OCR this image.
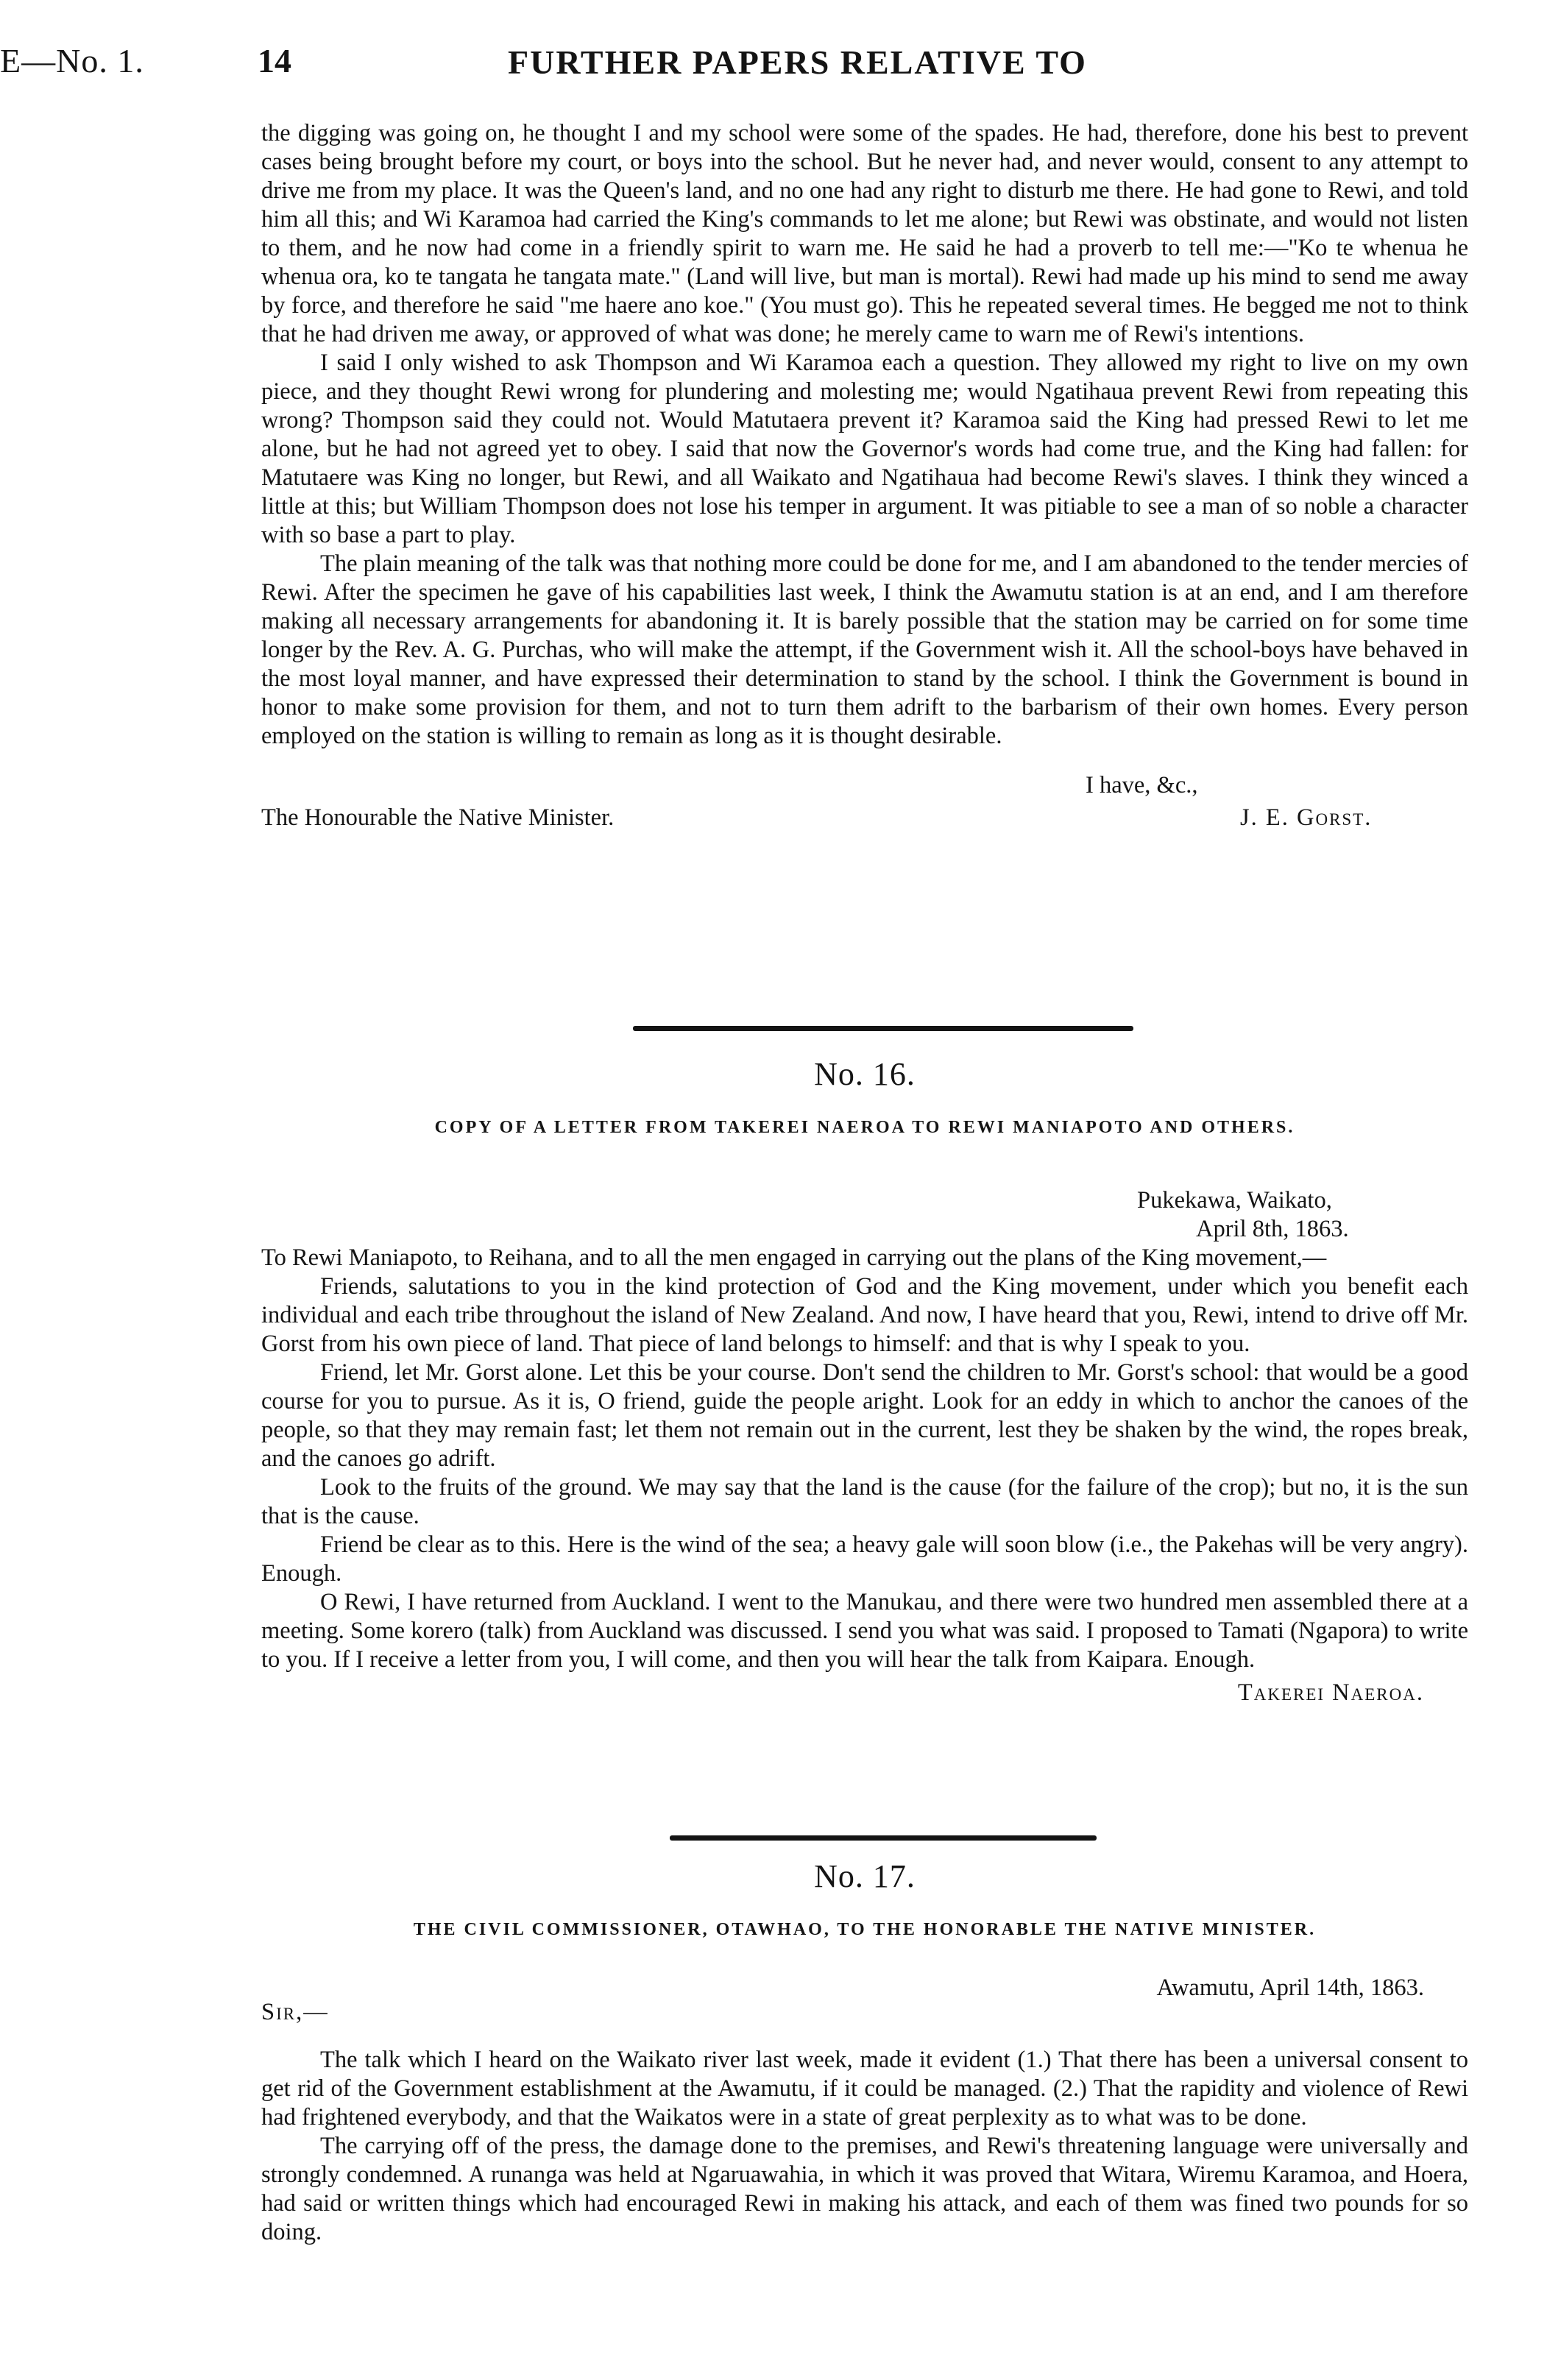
E—No. 1.	14	FURTHER PAPERS RELATIVE TO

the digging was going on, he thought I and my school were some of the spades. He had, therefore, done his best to prevent cases being brought before my court, or boys into the school. But he never had, and never would, consent to any attempt to drive me from my place. It was the Queen's land, and no one had any right to disturb me there. He had gone to Rewi, and told him all this; and Wi Karamoa had carried the King's commands to let me alone; but Rewi was obstinate, and would not listen to them, and he now had come in a friendly spirit to warn me. He said he had a proverb to tell me:—"Ko te whenua he whenua ora, ko te tangata he tangata mate." (Land will live, but man is mortal). Rewi had made up his mind to send me away by force, and therefore he said "me haere ano koe." (You must go). This he repeated several times. He begged me not to think that he had driven me away, or approved of what was done; he merely came to warn me of Rewi's intentions.

I said I only wished to ask Thompson and Wi Karamoa each a question. They allowed my right to live on my own piece, and they thought Rewi wrong for plundering and molesting me; would Ngatihaua prevent Rewi from repeating this wrong? Thompson said they could not. Would Matutaera prevent it? Karamoa said the King had pressed Rewi to let me alone, but he had not agreed yet to obey. I said that now the Governor's words had come true, and the King had fallen: for Matutaere was King no longer, but Rewi, and all Waikato and Ngatihaua had become Rewi's slaves. I think they winced a little at this; but William Thompson does not lose his temper in argument. It was pitiable to see a man of so noble a character with so base a part to play.

The plain meaning of the talk was that nothing more could be done for me, and I am abandoned to the tender mercies of Rewi. After the specimen he gave of his capabilities last week, I think the Awamutu station is at an end, and I am therefore making all necessary arrangements for abandoning it. It is barely possible that the station may be carried on for some time longer by the Rev. A. G. Purchas, who will make the attempt, if the Government wish it. All the school-boys have behaved in the most loyal manner, and have expressed their determination to stand by the school. I think the Government is bound in honor to make some provision for them, and not to turn them adrift to the barbarism of their own homes. Every person employed on the station is willing to remain as long as it is thought desirable.

I have, &c.,
The Honourable the Native Minister.	J. E. Gorst.
No. 16.
COPY OF A LETTER FROM TAKEREI NAEROA TO REWI MANIAPOTO AND OTHERS.
Pukekawa, Waikato,
April 8th, 1863.

To Rewi Maniapoto, to Reihana, and to all the men engaged in carrying out the plans of the King movement,—

Friends, salutations to you in the kind protection of God and the King movement, under which you benefit each individual and each tribe throughout the island of New Zealand. And now, I have heard that you, Rewi, intend to drive off Mr. Gorst from his own piece of land. That piece of land belongs to himself: and that is why I speak to you.

Friend, let Mr. Gorst alone. Let this be your course. Don't send the children to Mr. Gorst's school: that would be a good course for you to pursue. As it is, O friend, guide the people aright. Look for an eddy in which to anchor the canoes of the people, so that they may remain fast; let them not remain out in the current, lest they be shaken by the wind, the ropes break, and the canoes go adrift.

Look to the fruits of the ground. We may say that the land is the cause (for the failure of the crop); but no, it is the sun that is the cause.

Friend be clear as to this. Here is the wind of the sea; a heavy gale will soon blow (i.e., the Pakehas will be very angry). Enough.

O Rewi, I have returned from Auckland. I went to the Manukau, and there were two hundred men assembled there at a meeting. Some korero (talk) from Auckland was discussed. I send you what was said. I proposed to Tamati (Ngapora) to write to you. If I receive a letter from you, I will come, and then you will hear the talk from Kaipara. Enough.

Takerei Naeroa.
No. 17.
THE CIVIL COMMISSIONER, OTAWHAO, TO THE HONORABLE THE NATIVE MINISTER.
Awamutu, April 14th, 1863.
Sir,—

The talk which I heard on the Waikato river last week, made it evident (1.) That there has been a universal consent to get rid of the Government establishment at the Awamutu, if it could be managed. (2.) That the rapidity and violence of Rewi had frightened everybody, and that the Waikatos were in a state of great perplexity as to what was to be done.

The carrying off of the press, the damage done to the premises, and Rewi's threatening language were universally and strongly condemned. A runanga was held at Ngaruawahia, in which it was proved that Witara, Wiremu Karamoa, and Hoera, had said or written things which had encouraged Rewi in making his attack, and each of them was fined two pounds for so doing.
